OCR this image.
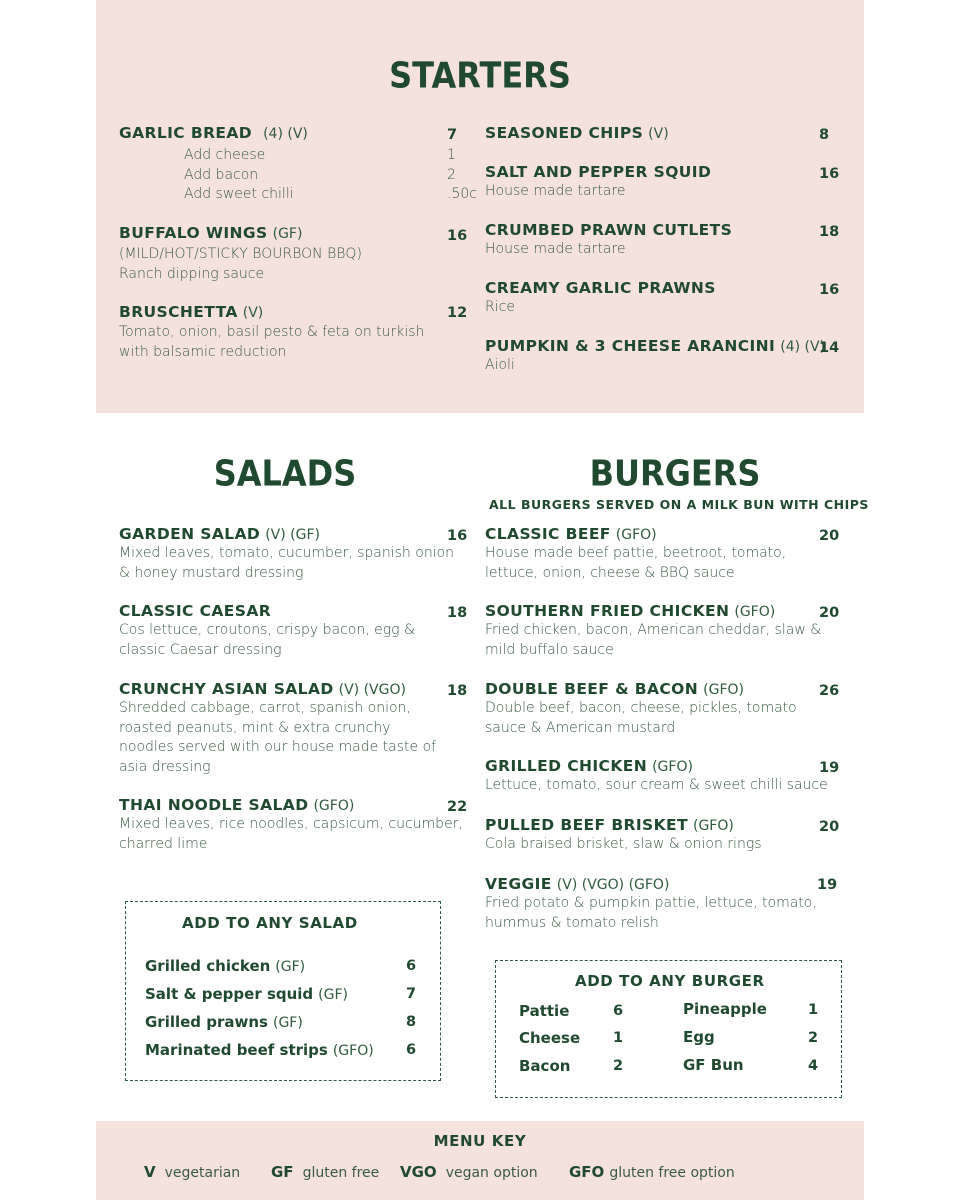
STARTERS
GARLIC BREAD (4) (V)	7
Add cheese	1
Add bacon	2
Add sweet chilli	.50c
BUFFALO WINGS (GF)
(MILD/HOT/STICKY BOURBON BBQ)
Ranch dipping sauce
16
BRUSCHETTA (V)
Tomato, onion, basil pesto & feta on turkish
with balsamic reduction
12
SEASONED CHIPS (V)	8
SALT AND PEPPER SQUID
House made tartare
16
CRUMBED PRAWN CUTLETS
House made tartare
18
CREAMY GARLIC PRAWNS
Rice
16
PUMPKIN & 3 CHEESE ARANCINI (4) (V)
Aioli
14
SALADS
GARDEN SALAD (V) (GF)
Mixed leaves, tomato, cucumber, spanish onion
& honey mustard dressing
16
CLASSIC CAESAR
Cos lettuce, croutons, crispy bacon, egg &
classic Caesar dressing
18
CRUNCHY ASIAN SALAD (V) (VGO)
Shredded cabbage, carrot, spanish onion,
roasted peanuts, mint & extra crunchy
noodles served with our house made taste of
asia dressing
18
THAI NOODLE SALAD (GFO)
Mixed leaves, rice noodles, capsicum, cucumber,
charred lime
22
ADD TO ANY SALAD
Grilled chicken (GF)	6
Salt & pepper squid (GF)	7
Grilled prawns (GF)	8
Marinated beef strips (GFO) 6
BURGERS
ALL BURGERS SERVED ON A MILK BUN WITH CHIPS
CLASSIC BEEF (GFO)
House made beef pattie, beetroot, tomato,
lettuce, onion, cheese & BBQ sauce
20
SOUTHERN FRIED CHICKEN (GFO)
Fried chicken, bacon, American cheddar, slaw &
mild buffalo sauce
20
DOUBLE BEEF & BACON (GFO)
Double beef, bacon, cheese, pickles, tomato
sauce & American mustard
26
GRILLED CHICKEN (GFO)
Lettuce, tomato, sour cream & sweet chilli sauce
19
PULLED BEEF BRISKET (GFO)
Cola braised brisket, slaw & onion rings
20
VEGGIE (V) (VGO) (GFO)
Fried potato & pumpkin pattie, lettuce, tomato,
hummus & tomato relish
19
ADD TO ANY BURGER
Pattie	6
Cheese 1
Bacon	2
Pineapple	1
Egg	2
GF Bun	4
MENU KEY
V vegetarian GF gluten free VGO vegan option GFO gluten free option
